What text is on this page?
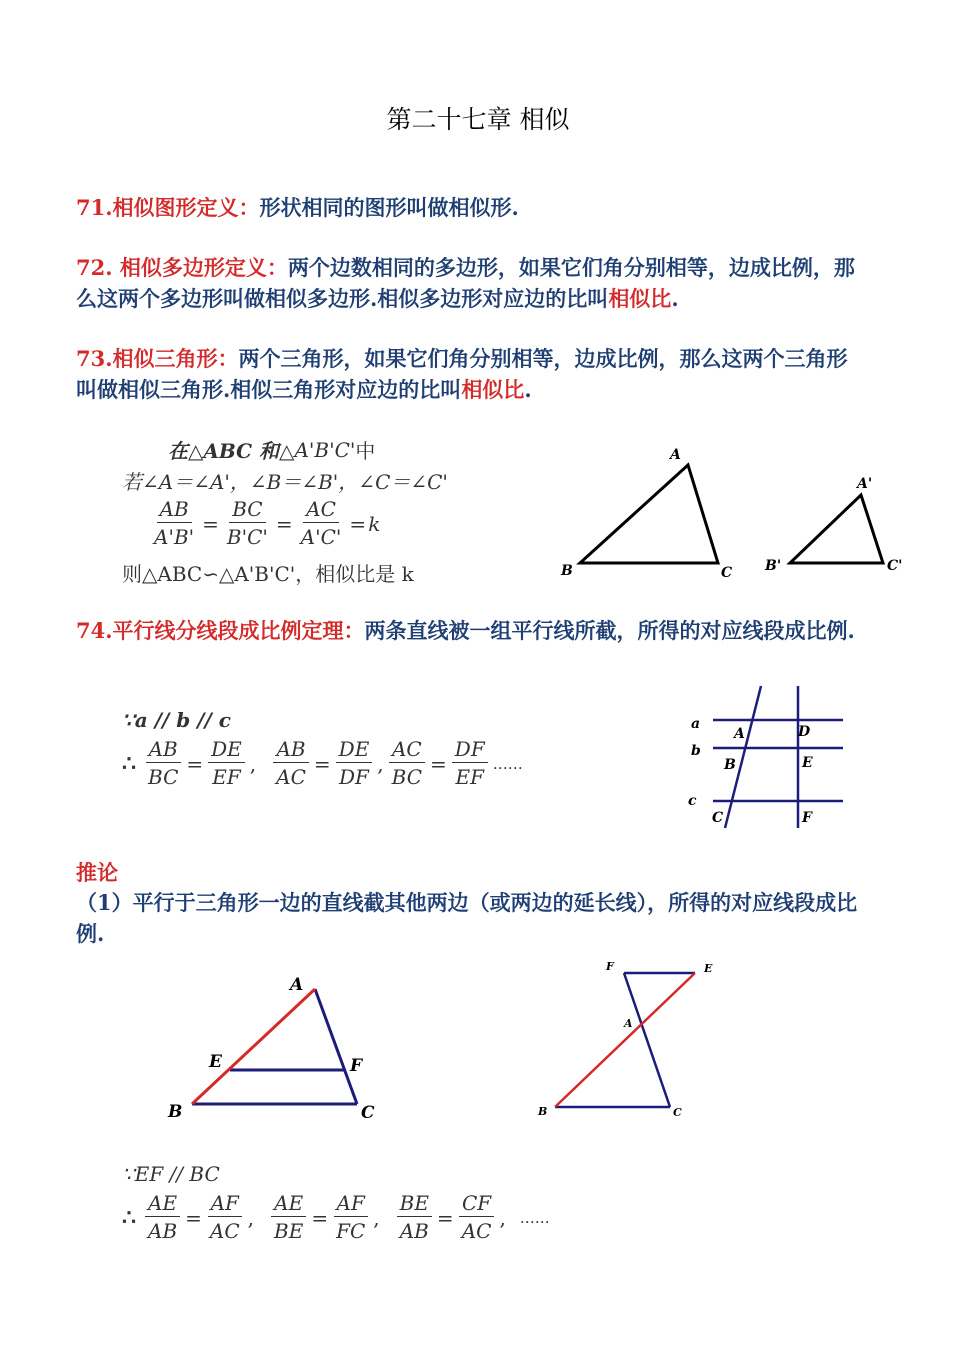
第二十七章 相似
71.相似图形定义：形状相同的图形叫做相似形.
72. 相似多边形定义：两个边数相同的多边形，如果它们角分别相等，边成比例，那么这两个多边形叫做相似多边形.相似多边形对应边的比叫相似比.
73.相似三角形：两个三角形，如果它们角分别相等，边成比例，那么这两个三角形叫做相似三角形.相似三角形对应边的比叫相似比.
在△ABC 和△ A'B'C' 中
若∠A＝∠A'，∠B＝∠B'，∠C＝∠C'
$\frac{AB}{A'B'} = \frac{BC}{B'C'} = \frac{AC}{A'C'} = k$
则△ABC∽△A'B'C'，相似比是 k
A
B	C
A'
B'	C'
74.平行线分线段成比例定理：两条直线被一组平行线所截，所得的对应线段成比例.
∵a // b // c
∴ $\frac{AB}{BC} = \frac{DE}{EF}$ , $\frac{AB}{AC} = \frac{DE}{DF}$ , $\frac{AC}{BC} = \frac{DF}{EF}$ ……
a
b
c
A
B
C
D
E
F
推论
（1）平行于三角形一边的直线截其他两边（或两边的延长线），所得的对应线段成比例.
A
B	C
E	F
F	E
A
B	C
∵EF // BC
∴ $\frac{AE}{AB} = \frac{AF}{AC}$ , $\frac{AE}{BE} = \frac{AF}{FC}$ , $\frac{BE}{AB} = \frac{CF}{AC}$ , ……
